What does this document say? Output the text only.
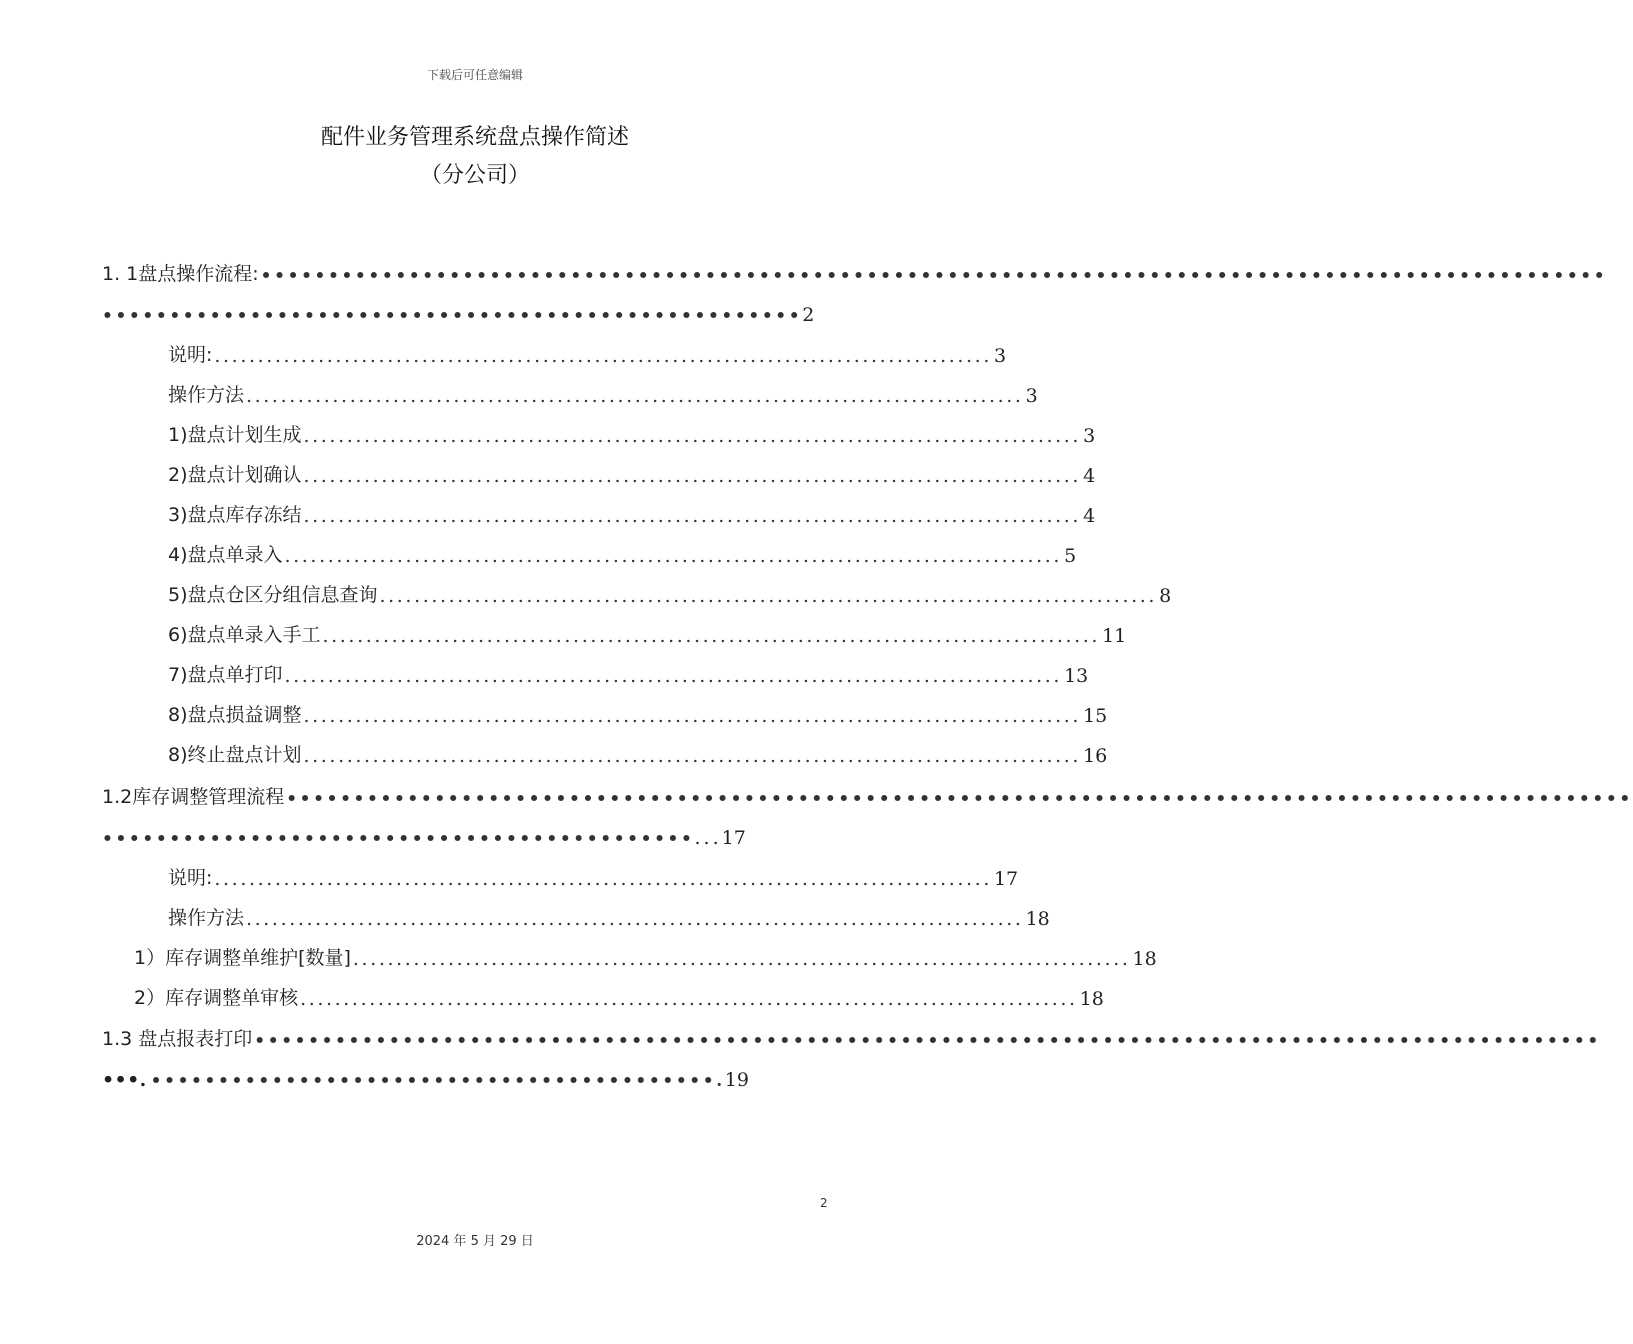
下载后可任意编辑
配件业务管理系统盘点操作简述
（分公司）
1. 1盘点操作流程: ••••••••••••••••••••••••••••••••••••••••••••••••••••••••••••••••••••••••••••••••••••••••••••••••••••
•••••••••••••••••••••••••••••••••••••••••••••••••••• 2
说明: .......................................................................................... 3
操作方法 .......................................................................................... 3
1)盘点计划生成 .......................................................................................... 3
2)盘点计划确认 .......................................................................................... 4
3)盘点库存冻结 .......................................................................................... 4
4)盘点单录入 .......................................................................................... 5
5)盘点仓区分组信息查询 .......................................................................................... 8
6)盘点单录入手工 .......................................................................................... 11
7)盘点单打印 .......................................................................................... 13
8)盘点损益调整 .......................................................................................... 15
8)终止盘点计划 .......................................................................................... 16
1.2库存调整管理流程 ••••••••••••••••••••••••••••••••••••••••••••••••••••••••••••••••••••••••••••••••••••••••••••••••••••
•••••••••••••••••••••••••••••••••••••••••••• ... 17
说明: .......................................................................................... 17
操作方法 .......................................................................................... 18
1）库存调整单维护[数量] .......................................................................................... 18
2）库存调整单审核 .......................................................................................... 18
1.3 盘点报表打印 ••••••••••••••••••••••••••••••••••••••••••••••••••••••••••••••••••••••••••••••••••••••••••••••••••••
•••. ••••••••••••••••••••••••••••••••••••••••••. 19
2
2024 年 5 月 29 日
